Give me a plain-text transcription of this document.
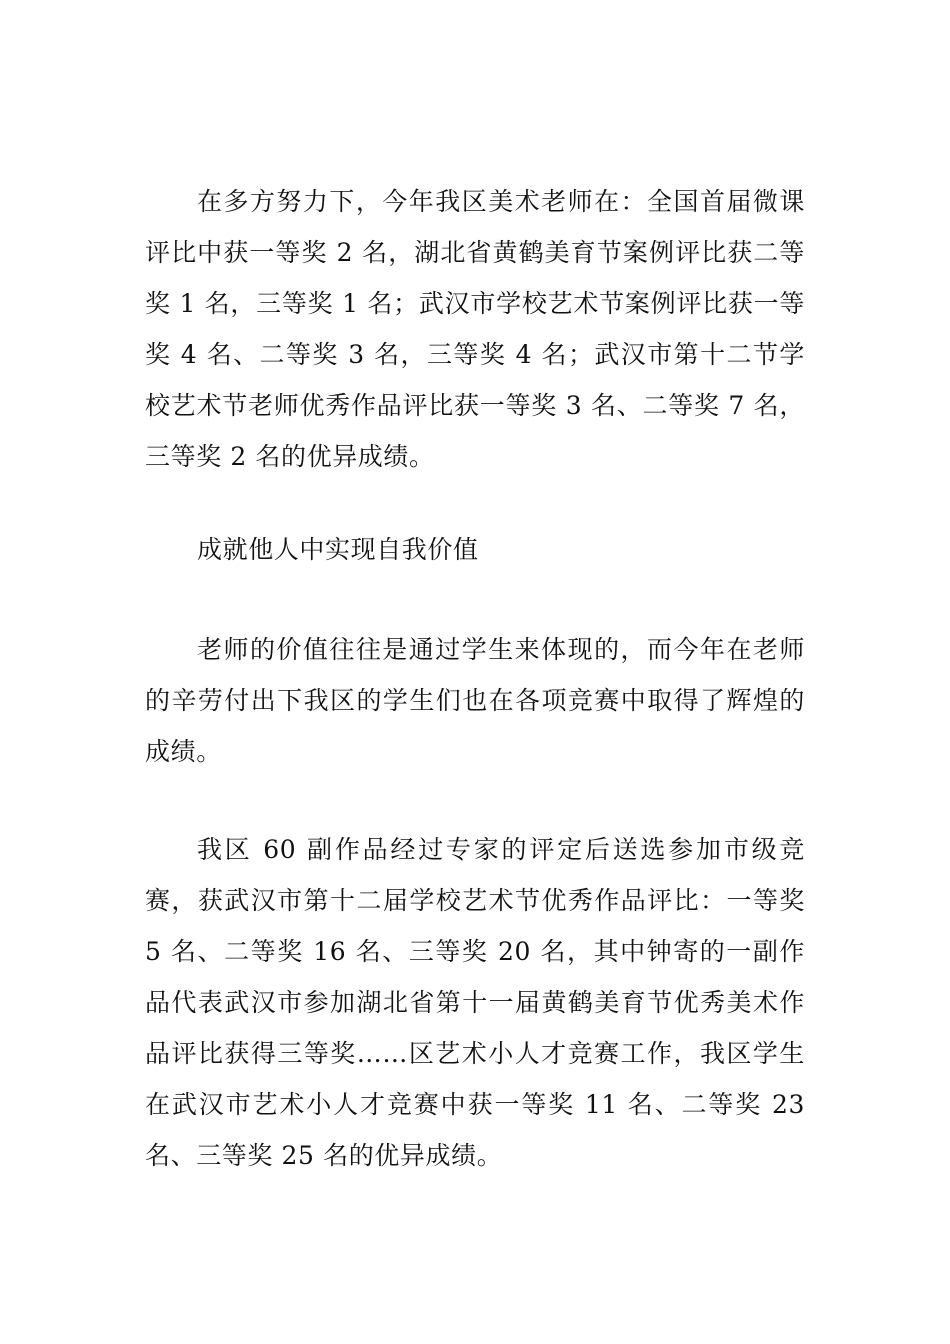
在多方努力下，今年我区美术老师在：全国首届微课评比中获一等奖 2 名，湖北省黄鹤美育节案例评比获二等奖 1 名，三等奖 1 名；武汉市学校艺术节案例评比获一等奖 4 名、二等奖 3 名，三等奖 4 名；武汉市第十二节学校艺术节老师优秀作品评比获一等奖 3 名、二等奖 7 名，三等奖 2 名的优异成绩。

成就他人中实现自我价值

老师的价值往往是通过学生来体现的，而今年在老师的辛劳付出下我区的学生们也在各项竞赛中取得了辉煌的成绩。

我区 60 副作品经过专家的评定后送选参加市级竞赛，获武汉市第十二届学校艺术节优秀作品评比：一等奖 5 名、二等奖 16 名、三等奖 20 名，其中钟寄的一副作品代表武汉市参加湖北省第十一届黄鹤美育节优秀美术作品评比获得三等奖……区艺术小人才竞赛工作，我区学生在武汉市艺术小人才竞赛中获一等奖 11 名、二等奖 23 名、三等奖 25 名的优异成绩。
